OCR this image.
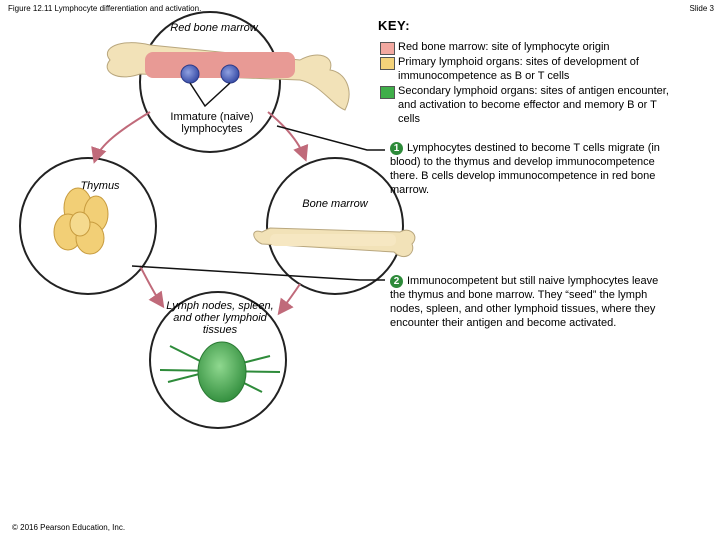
Figure 12.11 Lymphocyte differentiation and activation.	Slide 3
Red bone marrow
Immature (naive) lymphocytes
Thymus
Bone marrow
Lymph nodes, spleen, and other lymphoid tissues
KEY:
Red bone marrow: site of lymphocyte origin
Primary lymphoid organs: sites of development of immunocompetence as B or T cells
Secondary lymphoid organs: sites of antigen encounter, and activation to become effector and memory B or T cells
1 Lymphocytes destined to become T cells migrate (in blood) to the thymus and develop immunocompetence there. B cells develop immunocompetence in red bone marrow.
2 Immunocompetent but still naive lymphocytes leave the thymus and bone marrow. They “seed” the lymph nodes, spleen, and other lymphoid tissues, where they encounter their antigen and become activated.
© 2016 Pearson Education, Inc.
